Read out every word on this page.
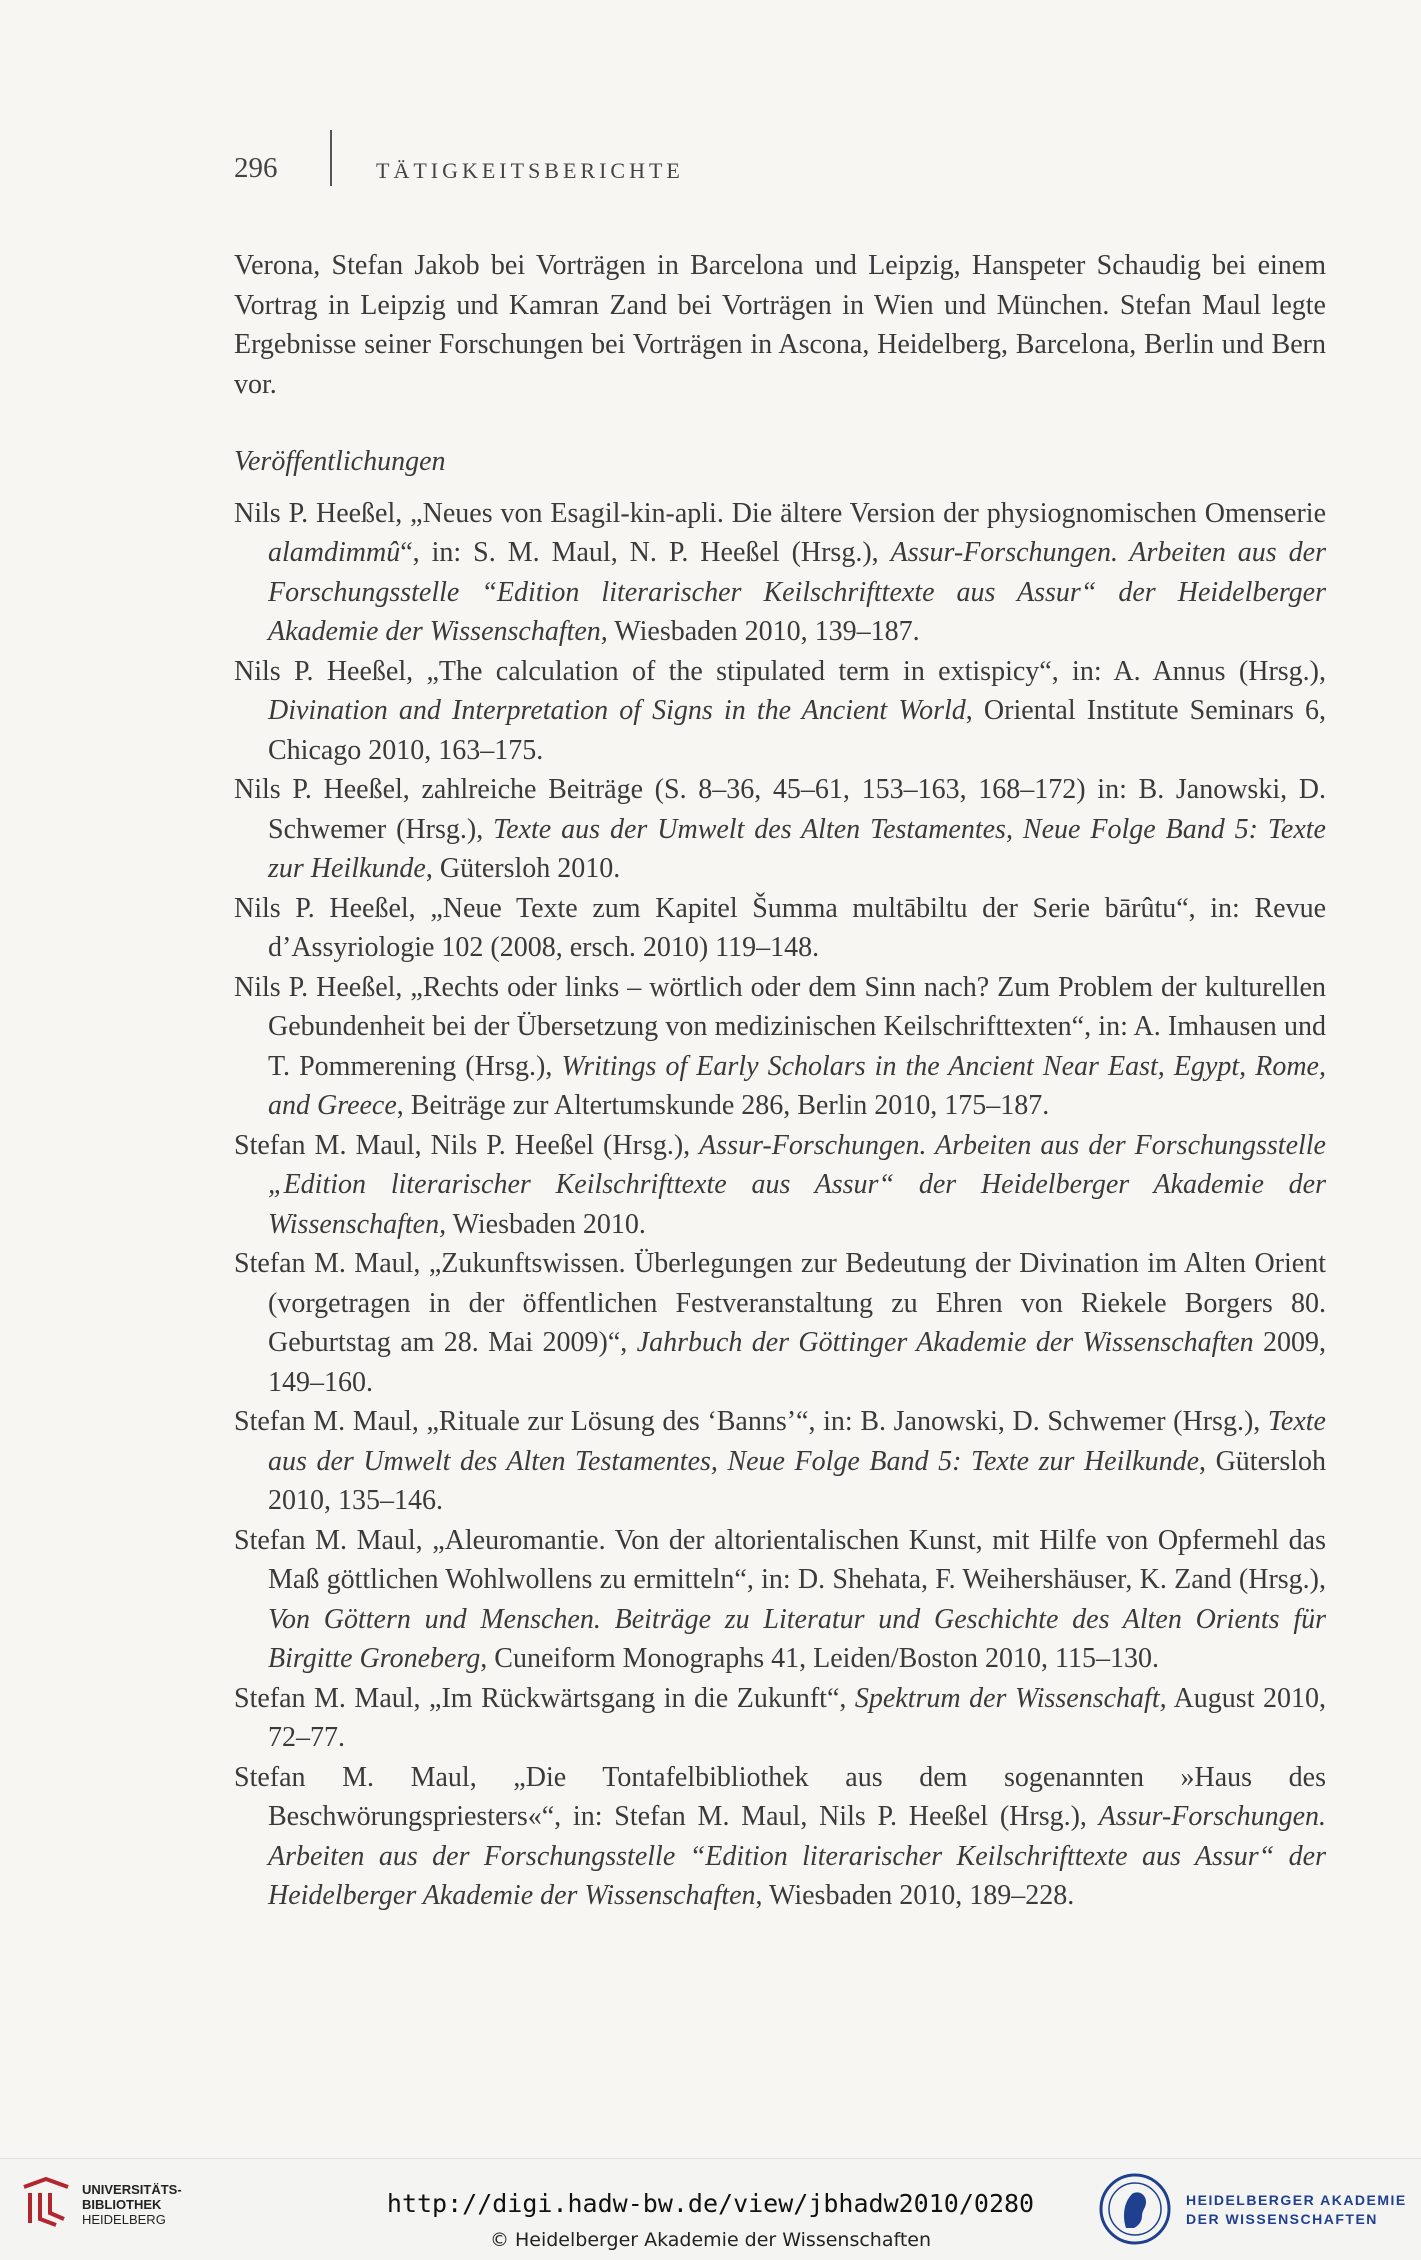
296	TÄTIGKEITSBERICHTE

Verona, Stefan Jakob bei Vorträgen in Barcelona und Leipzig, Hanspeter Schaudig bei einem Vortrag in Leipzig und Kamran Zand bei Vorträgen in Wien und München. Stefan Maul legte Ergebnisse seiner Forschungen bei Vorträgen in Ascona, Heidelberg, Barcelona, Berlin und Bern vor.

Veröffentlichungen

Nils P. Heeßel, „Neues von Esagil-kin-apli. Die ältere Version der physiognomischen Omenserie alamdimmû“, in: S. M. Maul, N. P. Heeßel (Hrsg.), Assur-Forschungen. Arbeiten aus der Forschungsstelle “Edition literarischer Keilschrifttexte aus Assur“ der Heidelberger Akademie der Wissenschaften, Wiesbaden 2010, 139–187.

Nils P. Heeßel, „The calculation of the stipulated term in extispicy“, in: A. Annus (Hrsg.), Divination and Interpretation of Signs in the Ancient World, Oriental Institute Seminars 6, Chicago 2010, 163–175.

Nils P. Heeßel, zahlreiche Beiträge (S. 8–36, 45–61, 153–163, 168–172) in: B. Janowski, D. Schwemer (Hrsg.), Texte aus der Umwelt des Alten Testamentes, Neue Folge Band 5: Texte zur Heilkunde, Gütersloh 2010.

Nils P. Heeßel, „Neue Texte zum Kapitel Šumma multābiltu der Serie bārûtu“, in: Revue d’Assyriologie 102 (2008, ersch. 2010) 119–148.

Nils P. Heeßel, „Rechts oder links – wörtlich oder dem Sinn nach? Zum Problem der kulturellen Gebundenheit bei der Übersetzung von medizinischen Keilschrifttexten“, in: A. Imhausen und T. Pommerening (Hrsg.), Writings of Early Scholars in the Ancient Near East, Egypt, Rome, and Greece, Beiträge zur Altertumskunde 286, Berlin 2010, 175–187.

Stefan M. Maul, Nils P. Heeßel (Hrsg.), Assur-Forschungen. Arbeiten aus der Forschungsstelle „Edition literarischer Keilschrifttexte aus Assur“ der Heidelberger Akademie der Wissenschaften, Wiesbaden 2010.

Stefan M. Maul, „Zukunftswissen. Überlegungen zur Bedeutung der Divination im Alten Orient (vorgetragen in der öffentlichen Festveranstaltung zu Ehren von Riekele Borgers 80. Geburtstag am 28. Mai 2009)“, Jahrbuch der Göttinger Akademie der Wissenschaften 2009, 149–160.

Stefan M. Maul, „Rituale zur Lösung des ‘Banns’“, in: B. Janowski, D. Schwemer (Hrsg.), Texte aus der Umwelt des Alten Testamentes, Neue Folge Band 5: Texte zur Heilkunde, Gütersloh 2010, 135–146.

Stefan M. Maul, „Aleuromantie. Von der altorientalischen Kunst, mit Hilfe von Opfermehl das Maß göttlichen Wohlwollens zu ermitteln“, in: D. Shehata, F. Weihershäuser, K. Zand (Hrsg.), Von Göttern und Menschen. Beiträge zu Literatur und Geschichte des Alten Orients für Birgitte Groneberg, Cuneiform Monographs 41, Leiden/Boston 2010, 115–130.

Stefan M. Maul, „Im Rückwärtsgang in die Zukunft“, Spektrum der Wissenschaft, August 2010, 72–77.

Stefan M. Maul, „Die Tontafelbibliothek aus dem sogenannten »Haus des Beschwörungspriesters«“, in: Stefan M. Maul, Nils P. Heeßel (Hrsg.), Assur-Forschungen. Arbeiten aus der Forschungsstelle “Edition literarischer Keilschrifttexte aus Assur“ der Heidelberger Akademie der Wissenschaften, Wiesbaden 2010, 189–228.

UNIVERSITÄTS-
BIBLIOTHEK
HEIDELBERG
http://digi.hadw-bw.de/view/jbhadw2010/0280
© Heidelberger Akademie der Wissenschaften
HEIDELBERGER AKADEMIE
DER WISSENSCHAFTEN
